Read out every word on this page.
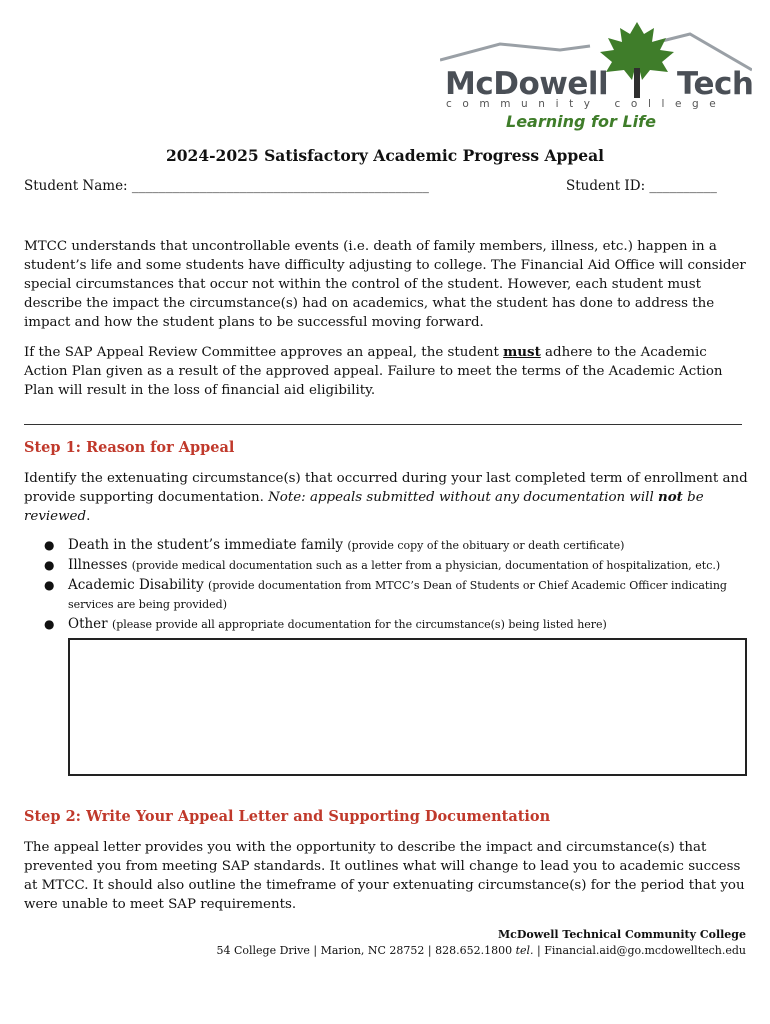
McDowell Tech
community college
Learning for Life
2024-2025 Satisfactory Academic Progress Appeal
Student Name: ____________________________________________	Student ID: __________
MTCC understands that uncontrollable events (i.e. death of family members, illness, etc.) happen in a student’s life and some students have difficulty adjusting to college. The Financial Aid Office will consider special circumstances that occur not within the control of the student. However, each student must describe the impact the circumstance(s) had on academics, what the student has done to address the impact and how the student plans to be successful moving forward.
If the SAP Appeal Review Committee approves an appeal, the student must adhere to the Academic Action Plan given as a result of the approved appeal. Failure to meet the terms of the Academic Action Plan will result in the loss of financial aid eligibility.
Step 1: Reason for Appeal
Identify the extenuating circumstance(s) that occurred during your last completed term of enrollment and provide supporting documentation. Note: appeals submitted without any documentation will not be reviewed.
● Death in the student’s immediate family (provide copy of the obituary or death certificate)
● Illnesses (provide medical documentation such as a letter from a physician, documentation of hospitalization, etc.)
● Academic Disability (provide documentation from MTCC’s Dean of Students or Chief Academic Officer indicating services are being provided)
● Other (please provide all appropriate documentation for the circumstance(s) being listed here)
Step 2: Write Your Appeal Letter and Supporting Documentation
The appeal letter provides you with the opportunity to describe the impact and circumstance(s) that prevented you from meeting SAP standards. It outlines what will change to lead you to academic success at MTCC. It should also outline the timeframe of your extenuating circumstance(s) for the period that you were unable to meet SAP requirements.
McDowell Technical Community College
54 College Drive | Marion, NC 28752 | 828.652.1800 tel. | Financial.aid@go.mcdowelltech.edu
